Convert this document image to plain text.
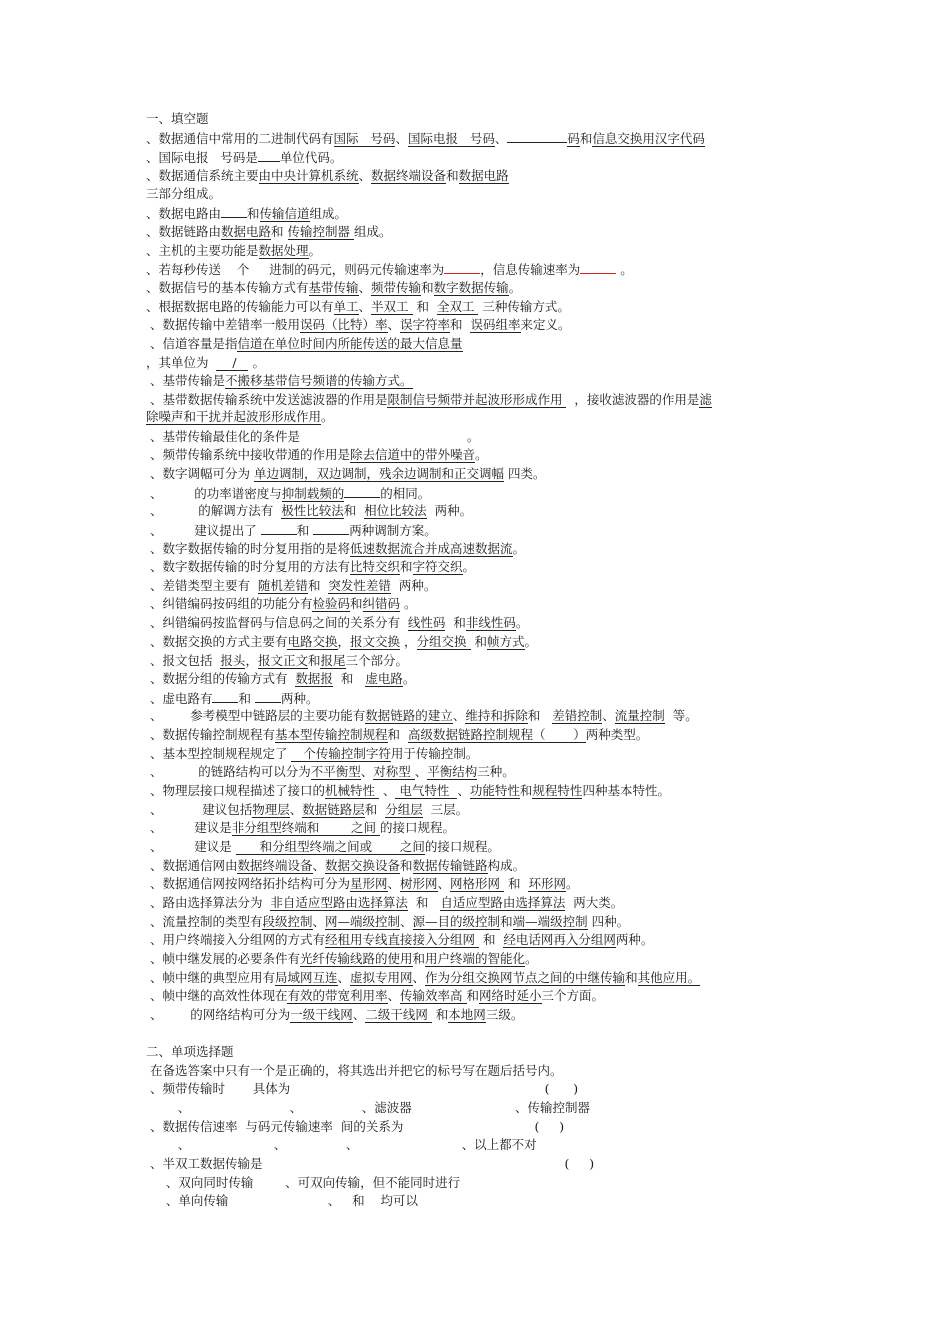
一、填空题
、数据通信中常用的二进制代码有国际   号码、国际电报   号码、	码和信息交换用汉字代码
、国际电报   号码是 单位代码。
、数据通信系统主要由中央计算机系统、数据终端设备和数据电路
三部分组成。
、数据电路由 和传输信道组成。
、数据链路由数据电路和 传输控制器 组成。
、主机的主要功能是数据处理。
、若每秒传送    个     进制的码元，则码元传输速率为	，信息传输速率为	。
、数据信号的基本传输方式有基带传输、频带传输和数字数据传输。
、根据数据电路的传输能力可以有单工、半双工  和  全双工  三种传输方式。
、数据传输中差错率一般用误码（比特）率、误字符率和  误码组率来定义。
、信道容量是指信道在单位时间内所能传送的最大信息量
，其单位为      /    。
、基带传输是不搬移基带信号频谱的传输方式。
、基带数据传输系统中发送滤波器的作用是限制信号频带并起波形形成作用   ，接收滤波器的作用是滤
除噪声和干扰并起波形形成作用。
、基带传输最佳化的条件是                                          。
、频带传输系统中接收带通的作用是除去信道中的带外噪音。
、数字调幅可分为 单边调制，双边调制，残余边调制和正交调幅 四类。
、        的功率谱密度与抑制载频的	的相同。
、         的解调方法有  极性比较法和  相位比较法  两种。
、        建议提出了	和	两种调制方案。
、数字数据传输的时分复用指的是将低速数据流合并成高速数据流。
、数字数据传输的时分复用的方法有比特交织和字符交织。
、差错类型主要有  随机差错和  突发性差错  两种。
、纠错编码按码组的功能分有检验码和纠错码 。
、纠错编码按监督码与信息码之间的关系分有  线性码  和非线性码。
、数据交换的方式主要有电路交换，报文交换 ，分组交换  和帧方式。
、报文包括  报头，报文正文和报尾三个部分。
、数据分组的传输方式有  数据报  和   虚电路。
、虚电路有 和 两种。
、       参考模型中链路层的主要功能有数据链路的建立、维持和拆除和   差错控制、流量控制  等。
、数据传输控制规程有基本型传输控制规程和  高级数据链路控制规程（       ）两种类型。
、基本型控制规程规定了    个传输控制字符用于传输控制。
、         的链路结构可以分为不平衡型、对称型 、平衡结构三种。
、物理层接口规程描述了接口的机械特性  、 电气特性  、功能特性和规程特性四种基本特性。
、          建议包括物理层、数据链路层和  分组层  三层。
、        建议是非分组型终端和        之间 的接口规程。
、        建议是       和分组型终端之间或       之间的接口规程。
、数据通信网由数据终端设备、数据交换设备和数据传输链路构成。
、数据通信网按网络拓扑结构可分为星形网、树形网、网格形网  和  环形网。
、路由选择算法分为  非自适应型路由选择算法  和   自适应型路由选择算法  两大类。
、流量控制的类型有段级控制、网—端级控制、源—目的级控制和端—端级控制 四种。
、用户终端接入分组网的方式有经租用专线直接接入分组网  和  经电话网再入分组网两种。
、帧中继发展的必要条件有光纤传输线路的使用和用户终端的智能化。
、帧中继的典型应用有局域网互连、虚拟专用网、作为分组交换网节点之间的中继传输和其他应用。
、帧中继的高效性体现在有效的带宽利用率、传输效率高 和网络时延小三个方面。
、       的网络结构可分为一级干线网、二级干线网  和本地网三级。
二、单项选择题
在备选答案中只有一个是正确的，将其选出并把它的标号写在题后括号内。
、频带传输时       具体为                                                                (      )
、                         、               、滤波器                          、传输控制器
、数据传信速率  与码元传输速率  间的关系为                                 (     )
、                     、               、                          、以上都不对
、半双工数据传输是                                                                            (     )
、双向同时传输        、可双向传输，但不能同时进行
、单向传输                         、   和    均可以
